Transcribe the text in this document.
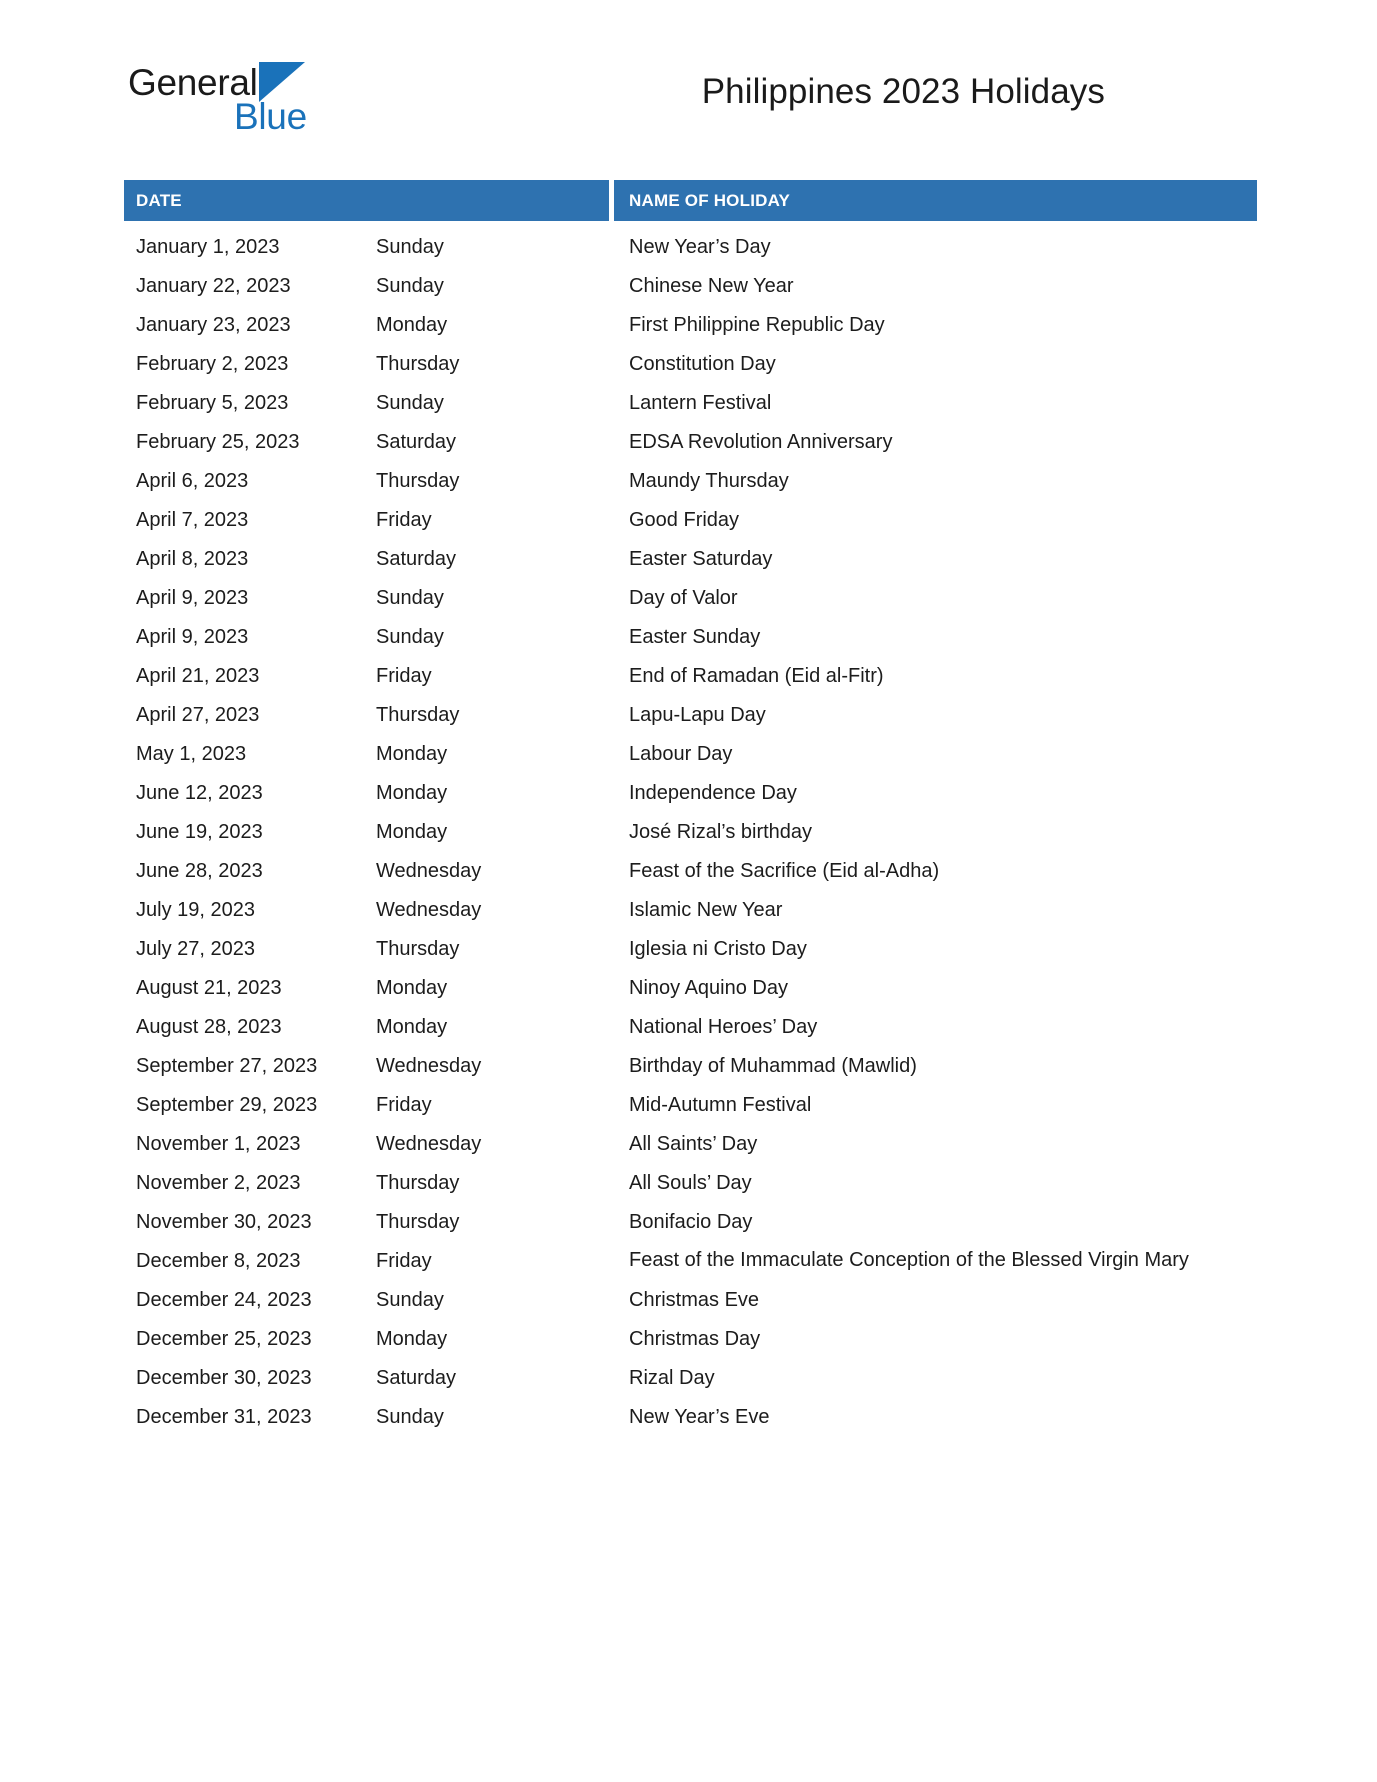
General
Blue
Philippines 2023 Holidays
DATE	NAME OF HOLIDAY
January 1, 2023	Sunday	New Year’s Day
January 22, 2023	Sunday	Chinese New Year
January 23, 2023	Monday	First Philippine Republic Day
February 2, 2023	Thursday	Constitution Day
February 5, 2023	Sunday	Lantern Festival
February 25, 2023	Saturday	EDSA Revolution Anniversary
April 6, 2023	Thursday	Maundy Thursday
April 7, 2023	Friday	Good Friday
April 8, 2023	Saturday	Easter Saturday
April 9, 2023	Sunday	Day of Valor
April 9, 2023	Sunday	Easter Sunday
April 21, 2023	Friday	End of Ramadan (Eid al-Fitr)
April 27, 2023	Thursday	Lapu-Lapu Day
May 1, 2023	Monday	Labour Day
June 12, 2023	Monday	Independence Day
June 19, 2023	Monday	José Rizal’s birthday
June 28, 2023	Wednesday	Feast of the Sacrifice (Eid al-Adha)
July 19, 2023	Wednesday	Islamic New Year
July 27, 2023	Thursday	Iglesia ni Cristo Day
August 21, 2023	Monday	Ninoy Aquino Day
August 28, 2023	Monday	National Heroes’ Day
September 27, 2023	Wednesday	Birthday of Muhammad (Mawlid)
September 29, 2023	Friday	Mid-Autumn Festival
November 1, 2023	Wednesday	All Saints’ Day
November 2, 2023	Thursday	All Souls’ Day
November 30, 2023	Thursday	Bonifacio Day
December 8, 2023	Friday	Feast of the Immaculate Conception of the Blessed Virgin Mary
December 24, 2023	Sunday	Christmas Eve
December 25, 2023	Monday	Christmas Day
December 30, 2023	Saturday	Rizal Day
December 31, 2023	Sunday	New Year’s Eve
